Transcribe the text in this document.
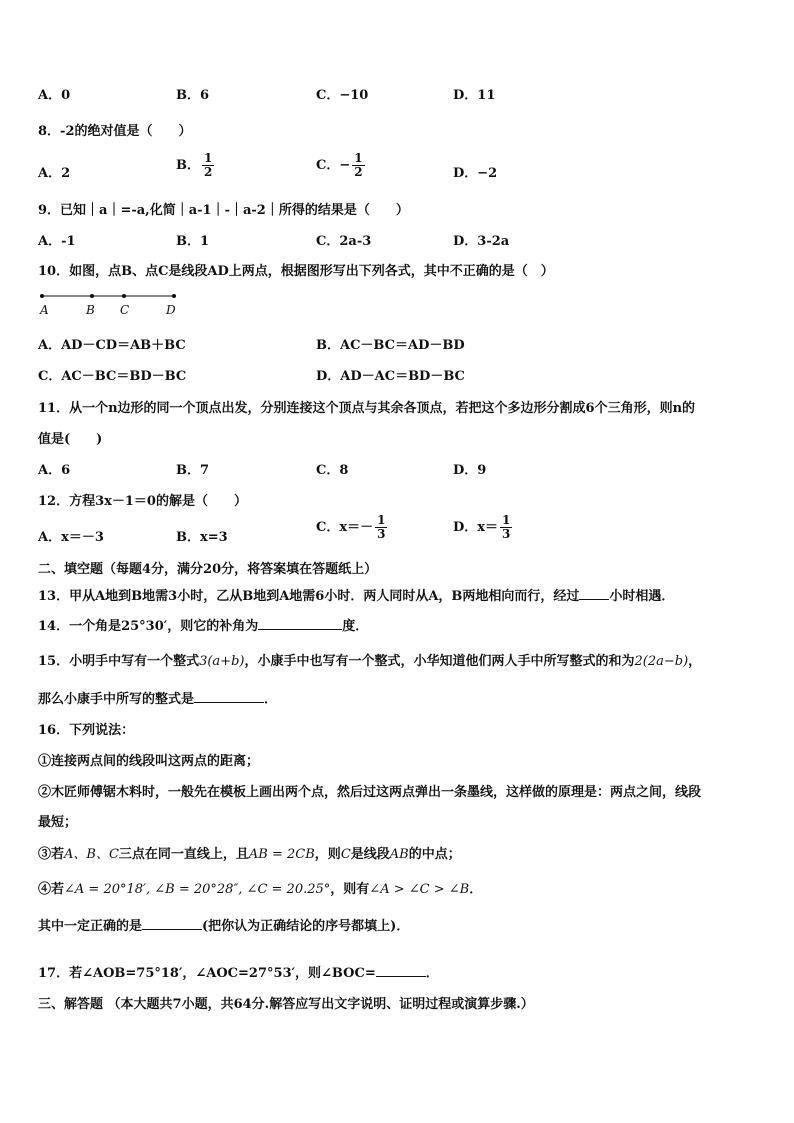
A．0	B．6	C．−10	D．11
8．-2的绝对值是（　　）
A．2
B． $\frac{1}{2}$	C．− $\frac{1}{2}$	D．−2
9．已知｜a｜=-a,化简｜a-1｜-｜a-2｜所得的结果是（　　）
A．-1	B．1	C．2a-3	D．3-2a
10．如图，点B、点C是线段AD上两点，根据图形写出下列各式，其中不正确的是（　）
A	B C	D
A．AD－CD＝AB＋BC	B．AC－BC＝AD－BD
C．AC－BC＝BD－BC	D．AD－AC＝BD－BC
11．从一个n边形的同一个顶点出发，分别连接这个顶点与其余各顶点，若把这个多边形分割成6个三角形，则n的
值是(　　)
A．6	B．7	C．8	D．9
12．方程3x－1＝0的解是（　　）
A．x＝－3	B．x=3
C．$x=- \frac{1}{3}$	D．$x= \frac{1}{3}$
二、填空题（每题4分，满分20分，将答案填在答题纸上）
13．甲从A地到B地需3小时，乙从B地到A地需6小时．两人同时从A，B两地相向而行，经过 小时相遇．
14．一个角是25°30′，则它的补角为	度．
15．小明手中写有一个整式3(a+b)，小康手中也写有一个整式，小华知道他们两人手中所写整式的和为2(2a−b)，
那么小康手中所写的整式是	．
16．下列说法：
①连接两点间的线段叫这两点的距离；
②木匠师傅锯木料时，一般先在模板上画出两个点，然后过这两点弹出一条墨线，这样做的原理是：两点之间，线段
最短；
③若A、B、C三点在同一直线上，且AB = 2CB，则C是线段AB的中点；
④若∠A = 20°18′, ∠B = 20°28″, ∠C = 20.25°，则有∠A > ∠C > ∠B．
其中一定正确的是	(把你认为正确结论的序号都填上)．
17．若∠AOB=75°18′，∠AOC=27°53′，则∠BOC=	．
三、解答题 （本大题共7小题，共64分.解答应写出文字说明、证明过程或演算步骤.）
